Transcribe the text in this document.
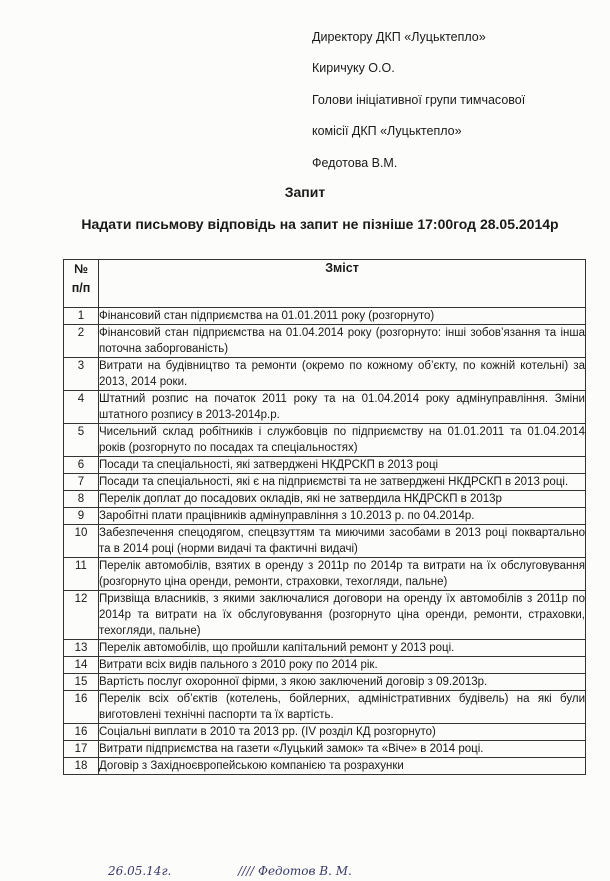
Директору ДКП «Луцьктепло»
Киричуку О.О.
Голови ініціативної групи тимчасової
комісії ДКП «Луцьктепло»
Федотова В.М.
Запит
Надати письмову відповідь на запит не пізніше 17:00год 28.05.2014р
№
п/п	Зміст
1	Фінансовий стан підприємства на 01.01.2011 року (розгорнуто)
2	Фінансовий стан підприємства на 01.04.2014 року (розгорнуто: інші зобов’язання та інша поточна заборгованість)
3	Витрати на будівництво та ремонти (окремо по кожному об’єкту, по кожній котельні) за 2013, 2014 роки.
4	Штатний розпис на початок 2011 року та на 01.04.2014 року адмінуправління. Зміни штатного розпису в 2013-2014р.р.
5	Чисельний склад робітників і службовців по підприємству на 01.01.2011 та 01.04.2014 років (розгорнуто по посадах та спеціальностях)
6	Посади та спеціальності, які затверджені НКДРСКП в 2013 році
7	Посади та спеціальності, які є на підприємстві та не затверджені НКДРСКП в 2013 році.
8	Перелік доплат до посадових окладів, які не затвердила НКДРСКП в 2013р
9	Заробітні плати працівників адмінуправління з 10.2013 р. по 04.2014р.
10	Забезпечення спецодягом, спецвзуттям та миючими засобами в 2013 році поквартально та в 2014 році (норми видачі та фактичні видачі)
11	Перелік автомобілів, взятих в оренду з 2011р по 2014р та витрати на їх обслуговування (розгорнуто ціна оренди, ремонти, страховки, техогляди, пальне)
12	Призвіща власників, з якими заключалися договори на оренду їх автомобілів з 2011р по 2014р та витрати на їх обслуговування (розгорнуто ціна оренди, ремонти, страховки, техогляди, пальне)
13	Перелік автомобілів, що пройшли капітальний ремонт у 2013 році.
14	Витрати всіх видів пального з 2010 року по 2014 рік.
15	Вартість послуг охоронної фірми, з якою заключений договір з 09.2013р.
16	Перелік всіх об’єктів (котелень, бойлерних, адміністративних будівель) на які були виготовлені технічні паспорти та їх вартість.
16	Соціальні виплати в 2010 та 2013 рр. (IV розділ КД розгорнуто)
17	Витрати підприємства на газети «Луцький замок» та «Віче» в 2014 році.
18	Договір з Західноєвропейською компанією та розрахунки
26.05.14г.	//// Федотов В. М.
